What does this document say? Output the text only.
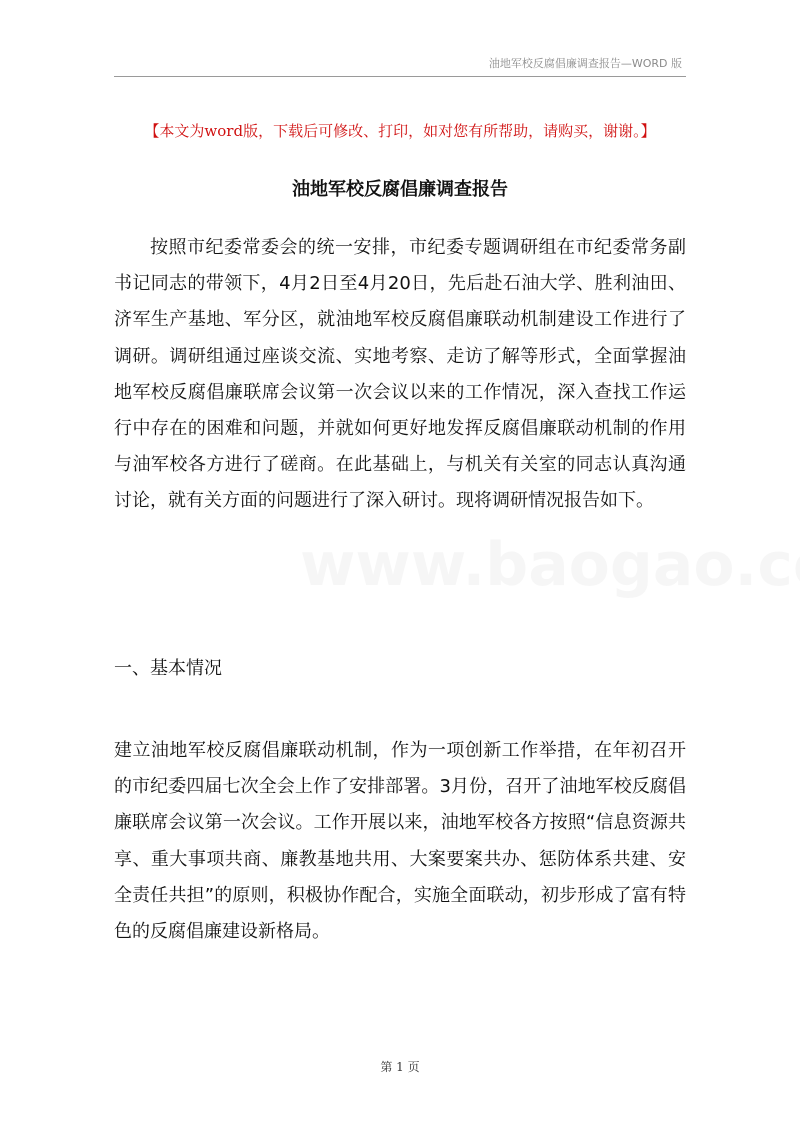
油地军校反腐倡廉调查报告—WORD 版
【本文为word版，下载后可修改、打印，如对您有所帮助，请购买，谢谢。】
油地军校反腐倡廉调查报告

按照市纪委常委会的统一安排，市纪委专题调研组在市纪委常务副书记同志的带领下，4月2日至4月20日，先后赴石油大学、胜利油田、济军生产基地、军分区，就油地军校反腐倡廉联动机制建设工作进行了调研。调研组通过座谈交流、实地考察、走访了解等形式，全面掌握油地军校反腐倡廉联席会议第一次会议以来的工作情况，深入查找工作运行中存在的困难和问题，并就如何更好地发挥反腐倡廉联动机制的作用与油军校各方进行了磋商。在此基础上，与机关有关室的同志认真沟通讨论，就有关方面的问题进行了深入研讨。现将调研情况报告如下。

一、基本情况

建立油地军校反腐倡廉联动机制，作为一项创新工作举措，在年初召开的市纪委四届七次全会上作了安排部署。3月份，召开了油地军校反腐倡廉联席会议第一次会议。工作开展以来，油地军校各方按照“信息资源共享、重大事项共商、廉教基地共用、大案要案共办、惩防体系共建、安全责任共担”的原则，积极协作配合，实施全面联动，初步形成了富有特色的反腐倡廉建设新格局。

第 1 页
